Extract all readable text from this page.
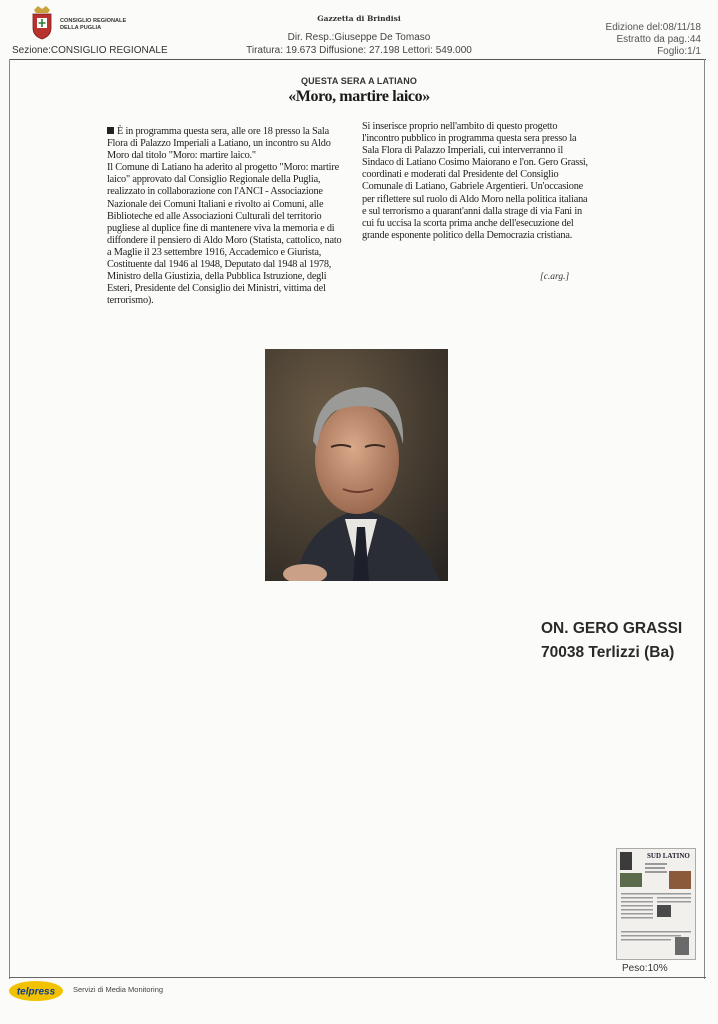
CONSIGLIO REGIONALE DELLA PUGLIA
Sezione:CONSIGLIO REGIONALE
Gazzetta di Brindisi
Dir. Resp.:Giuseppe De Tomaso
Tiratura: 19.673 Diffusione: 27.198 Lettori: 549.000
Edizione del:08/11/18
Estratto da pag.:44
Foglio:1/1
QUESTA SERA A LATIANO
«Moro, martire laico»

È in programma questa sera, alle ore 18 presso la Sala Flora di Palazzo Imperiali a Latiano, un incontro su Aldo Moro dal titolo "Moro: martire laico."

Il Comune di Latiano ha aderito al progetto "Moro: martire laico" approvato dal Consiglio Regionale della Puglia, realizzato in collaborazione con l'ANCI - Associazione Nazionale dei Comuni Italiani e rivolto ai Comuni, alle Biblioteche ed alle Associazioni Culturali del territorio pugliese al duplice fine di mantenere viva la memoria e di diffondere il pensiero di Aldo Moro (Statista, cattolico, nato a Maglie il 23 settembre 1916, Accademico e Giurista, Costituente dal 1946 al 1948, Deputato dal 1948 al 1978, Ministro della Giustizia, della Pubblica Istruzione, degli Esteri, Presidente del Consiglio dei Ministri, vittima del terrorismo).

Si inserisce proprio nell'ambito di questo progetto l'incontro pubblico in programma questa sera presso la Sala Flora di Palazzo Imperiali, cui interverranno il Sindaco di Latiano Cosimo Maiorano e l'on. Gero Grassi, coordinati e moderati dal Presidente del Consiglio Comunale di Latiano, Gabriele Argentieri. Un'occasione per riflettere sul ruolo di Aldo Moro nella politica italiana e sul terrorismo a quarant'anni dalla strage di via Fani in cui fu uccisa la scorta prima anche dell'esecuzione del grande esponente politico della Democrazia cristiana.

[c.arg.]
ON. GERO GRASSI
70038 Terlizzi (Ba)
SUD LATINO
Peso:10%
telpress Servizi di Media Monitoring
